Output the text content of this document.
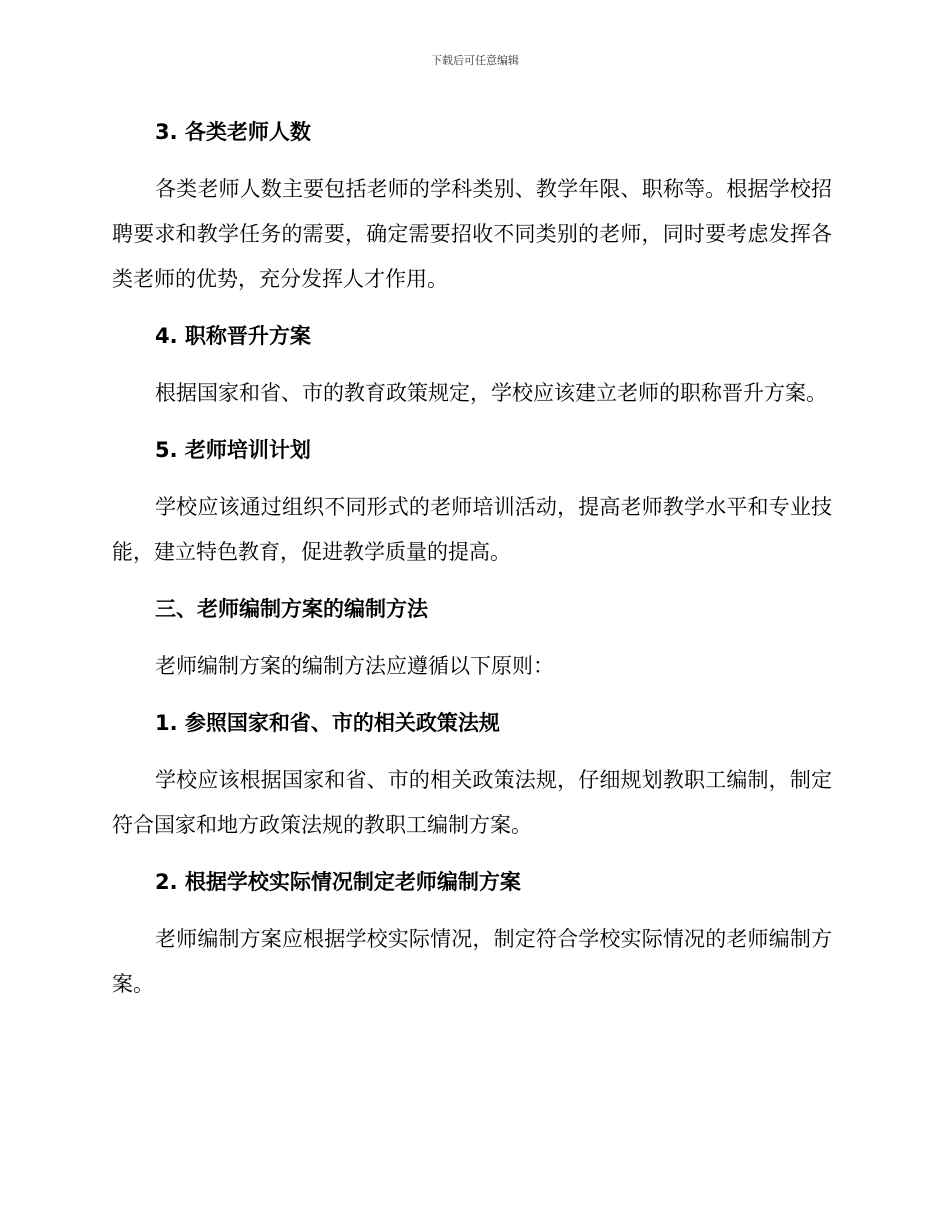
下载后可任意编辑

3. 各类老师人数

各类老师人数主要包括老师的学科类别、教学年限、职称等。根据学校招聘要求和教学任务的需要，确定需要招收不同类别的老师，同时要考虑发挥各类老师的优势，充分发挥人才作用。

4. 职称晋升方案

根据国家和省、市的教育政策规定，学校应该建立老师的职称晋升方案。

5. 老师培训计划

学校应该通过组织不同形式的老师培训活动，提高老师教学水平和专业技能，建立特色教育，促进教学质量的提高。

三、老师编制方案的编制方法

老师编制方案的编制方法应遵循以下原则：

1. 参照国家和省、市的相关政策法规

学校应该根据国家和省、市的相关政策法规，仔细规划教职工编制，制定符合国家和地方政策法规的教职工编制方案。

2. 根据学校实际情况制定老师编制方案

老师编制方案应根据学校实际情况，制定符合学校实际情况的老师编制方案。
